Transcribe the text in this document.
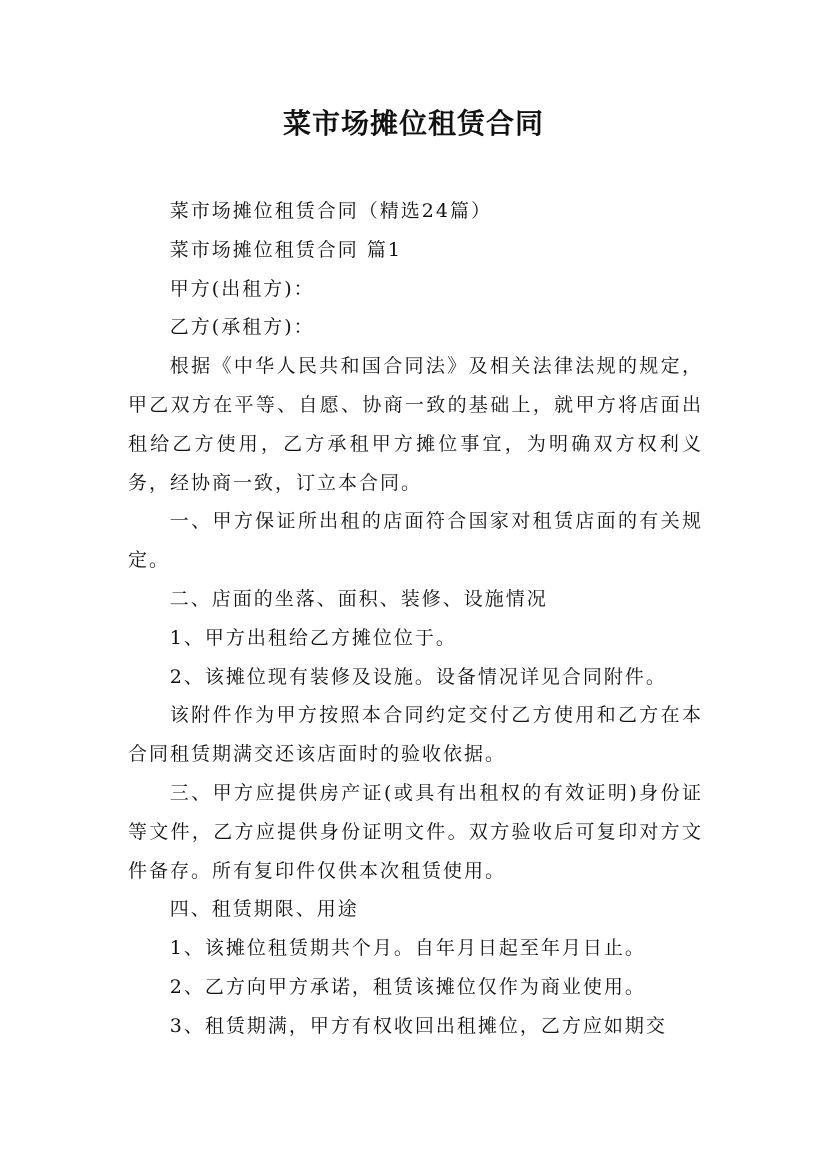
菜市场摊位租赁合同

菜市场摊位租赁合同（精选24篇）

菜市场摊位租赁合同 篇1

甲方(出租方)：

乙方(承租方)：

根据《中华人民共和国合同法》及相关法律法规的规定，甲乙双方在平等、自愿、协商一致的基础上，就甲方将店面出租给乙方使用，乙方承租甲方摊位事宜，为明确双方权利义务，经协商一致，订立本合同。

一、甲方保证所出租的店面符合国家对租赁店面的有关规定。

二、店面的坐落、面积、装修、设施情况

1、甲方出租给乙方摊位位于。

2、该摊位现有装修及设施。设备情况详见合同附件。

该附件作为甲方按照本合同约定交付乙方使用和乙方在本合同租赁期满交还该店面时的验收依据。

三、甲方应提供房产证(或具有出租权的有效证明)身份证等文件，乙方应提供身份证明文件。双方验收后可复印对方文件备存。所有复印件仅供本次租赁使用。

四、租赁期限、用途

1、该摊位租赁期共个月。自年月日起至年月日止。

2、乙方向甲方承诺，租赁该摊位仅作为商业使用。

3、租赁期满，甲方有权收回出租摊位，乙方应如期交
